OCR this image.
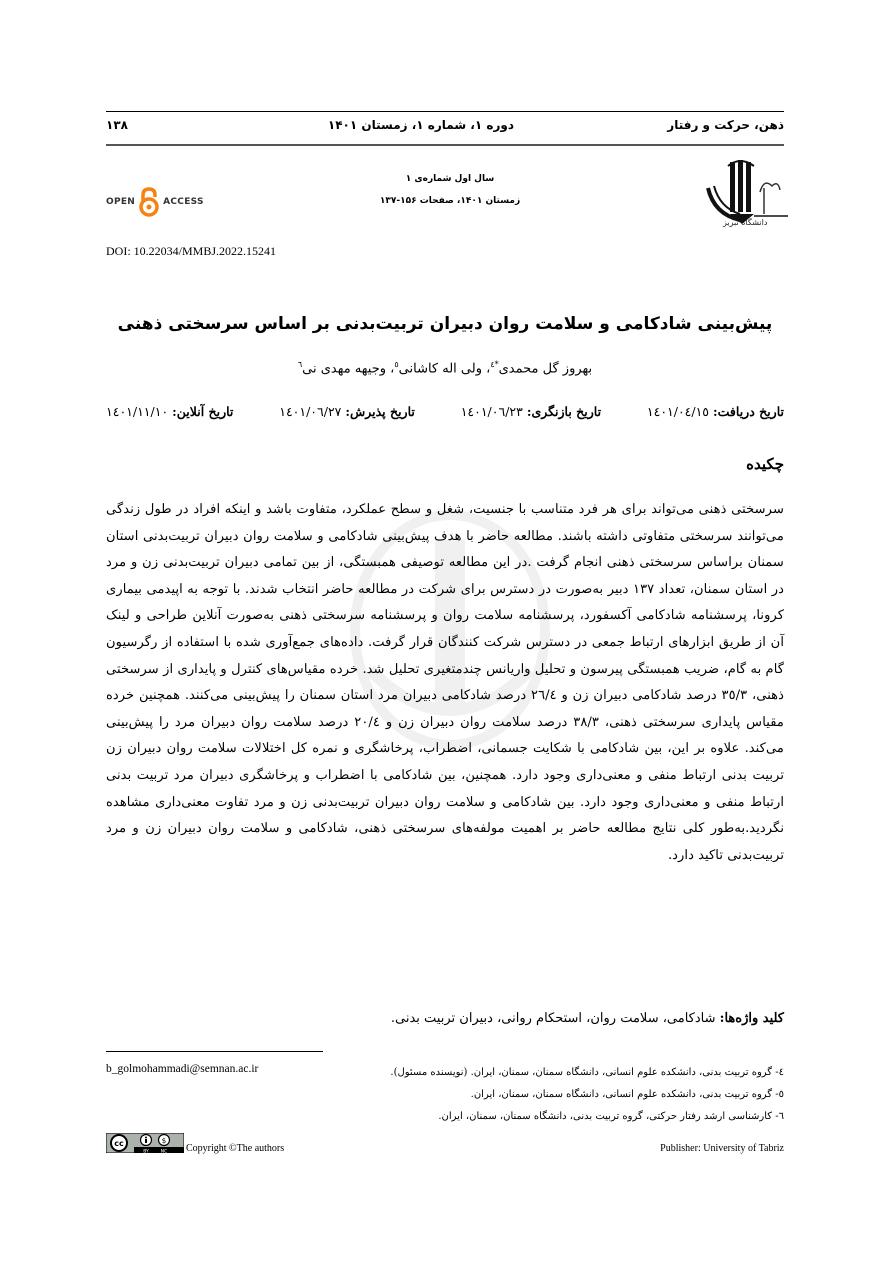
ذهن، حرکت و رفتار
دوره ۱، شماره ۱، زمستان ۱۴۰۱
۱۳۸
دانشگاه تبریز
سال اول شماره‌ی ۱
زمستان ۱۴۰۱، صفحات ۱۵۶-۱۳۷
OPEN	ACCESS
DOI: 10.22034/MMBJ.2022.15241
پیش‌بینی شادکامی و سلامت روان دبیران تربیت‌بدنی بر اساس سرسختی ذهنی
بهروز گل محمدی$^{*٤}$، ولی اله کاشانی$^٥$، وجیهه مهدی نی$^٦$
تاریخ دریافت: ١٤٠١/٠٤/١٥
تاریخ بازنگری: ١٤٠١/٠٦/٢٣
تاریخ پذیرش: ١٤٠١/٠٦/٢٧
تاریخ آنلاین: ١٤٠١/١١/١٠
چکیده
سرسختی ذهنی می‌تواند برای هر فرد متناسب با جنسیت، شغل و سطح عملکرد، متفاوت باشد و اینکه افراد در طول زندگی می‌توانند سرسختی متفاوتی داشته باشند. مطالعه حاضر با هدف پیش‌بینی شادکامی و سلامت روان دبیران تربیت‌بدنی استان سمنان براساس سرسختی ذهنی انجام گرفت .در این مطالعه توصیفی همبستگی، از بین تمامی دبیران تربیت‌بدنی زن و مرد در استان سمنان، تعداد ١٣٧ دبیر به‌صورت در دسترس برای شرکت در مطالعه حاضر انتخاب شدند. با توجه به اپیدمی بیماری کرونا، پرسشنامه شادکامی آکسفورد، پرسشنامه سلامت روان و پرسشنامه سرسختی ذهنی به‌صورت آنلاین طراحی و لینک آن از طریق ابزارهای ارتباط جمعی در دسترس شرکت کنندگان قرار گرفت. داده‌های جمع‌آوری شده با استفاده از رگرسیون گام به گام، ضریب همبستگی پیرسون و تحلیل واریانس چندمتغیری تحلیل شد. خرده مقیاس‌های کنترل و پایداری از سرسختی ذهنی، ٣٥/٣ درصد شادکامی دبیران زن و ٢٦/٤ درصد شادکامی دبیران مرد استان سمنان را پیش‌بینی می‌کنند. همچنین خرده مقیاس پایداری سرسختی ذهنی، ٣٨/٣ درصد سلامت روان دبیران زن و ٢٠/٤ درصد سلامت روان دبیران مرد را پیش‌بینی می‌کند. علاوه بر این، بین شادکامی با شکایت جسمانی، اضطراب، پرخاشگری و نمره کل اختلالات سلامت روان دبیران زن تربیت بدنی ارتباط منفی و معنی‌داری وجود دارد. همچنین، بین شادکامی با اضطراب و پرخاشگری دبیران مرد تربیت بدنی ارتباط منفی و معنی‌داری وجود دارد. بین شادکامی و سلامت روان دبیران تربیت‌بدنی زن و مرد تفاوت معنی‌داری مشاهده نگردید.به‌طور کلی نتایج مطالعه حاضر بر اهمیت مولفه‌های سرسختی ذهنی، شادکامی و سلامت روان دبیران زن و مرد تربیت‌بدنی تاکید دارد.
کلید واژه‌ها: شادکامی، سلامت روان، استحکام روانی، دبیران تربیت بدنی.
b_golmohammadi@semnan.ac.ir	٤- گروه تربیت بدنی، دانشکده علوم انسانی، دانشگاه سمنان، سمنان، ایران. (نویسنده مسئول).
٥- گروه تربیت بدنی، دانشکده علوم انسانی، دانشگاه سمنان، سمنان، ایران.
٦- کارشناسی ارشد رفتار حرکتی، گروه تربیت بدنی، دانشگاه سمنان، سمنان، ایران.
cc	$
BY	NC Copyright ©The authors	Publisher: University of Tabriz
